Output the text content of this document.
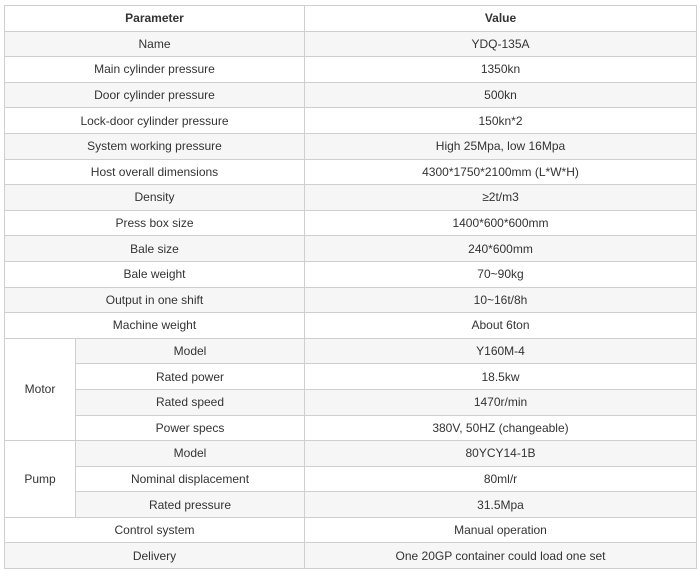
Parameter		Value
Name		YDQ-135A
Main cylinder pressure		1350kn
Door cylinder pressure		500kn
Lock-door cylinder pressure		150kn*2
System working pressure		High 25Mpa, low 16Mpa
Host overall dimensions		4300*1750*2100mm (L*W*H)
Density		≥2t/m3
Press box size		1400*600*600mm
Bale size		240*600mm
Bale weight		70~90kg
Output in one shift		10~16t/8h
Machine weight		About 6ton
Motor	Model	Y160M-4
	Rated power	18.5kw
	Rated speed	1470r/min
	Power specs	380V, 50HZ (changeable)
Pump	Model	80YCY14-1B
	Nominal displacement	80ml/r
	Rated pressure	31.5Mpa
Control system		Manual operation
Delivery		One 20GP container could load one set
